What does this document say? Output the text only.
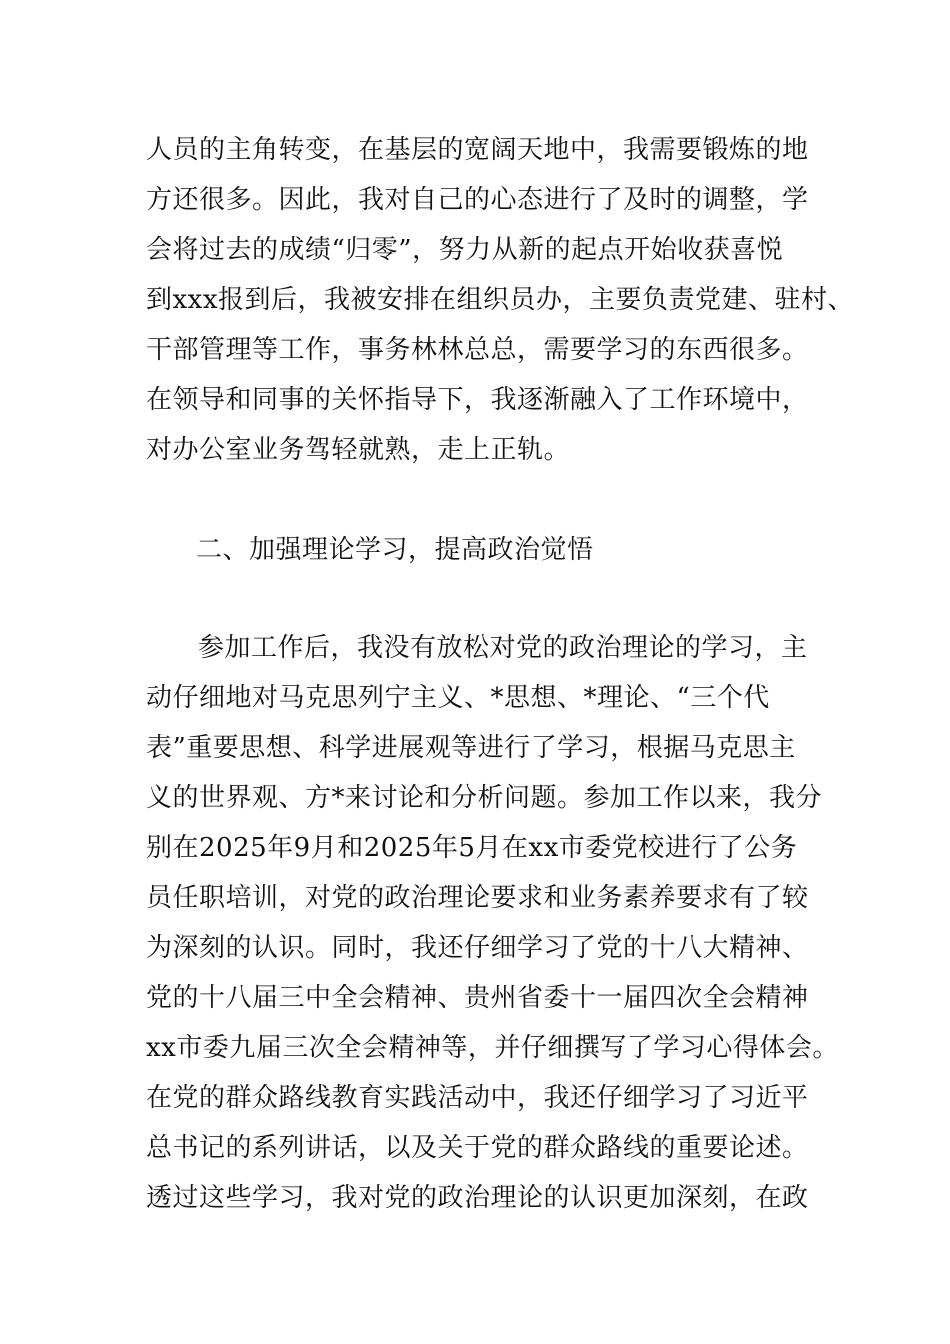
人员的主角转变，在基层的宽阔天地中，我需要锻炼的地
方还很多。因此，我对自己的心态进行了及时的调整，学
会将过去的成绩“归零”，努力从新的起点开始收获喜悦
到xxx报到后，我被安排在组织员办，主要负责党建、驻村、
干部管理等工作，事务林林总总，需要学习的东西很多。
在领导和同事的关怀指导下，我逐渐融入了工作环境中，
对办公室业务驾轻就熟，走上正轨。
二、加强理论学习，提高政治觉悟
参加工作后，我没有放松对党的政治理论的学习，主
动仔细地对马克思列宁主义、*思想、*理论、“三个代
表”重要思想、科学进展观等进行了学习，根据马克思主
义的世界观、方*来讨论和分析问题。参加工作以来，我分
别在2025年9月和2025年5月在xx市委党校进行了公务
员任职培训，对党的政治理论要求和业务素养要求有了较
为深刻的认识。同时，我还仔细学习了党的十八大精神、
党的十八届三中全会精神、贵州省委十一届四次全会精神
xx市委九届三次全会精神等，并仔细撰写了学习心得体会。
在党的群众路线教育实践活动中，我还仔细学习了习近平
总书记的系列讲话，以及关于党的群众路线的重要论述。
透过这些学习，我对党的政治理论的认识更加深刻，在政
